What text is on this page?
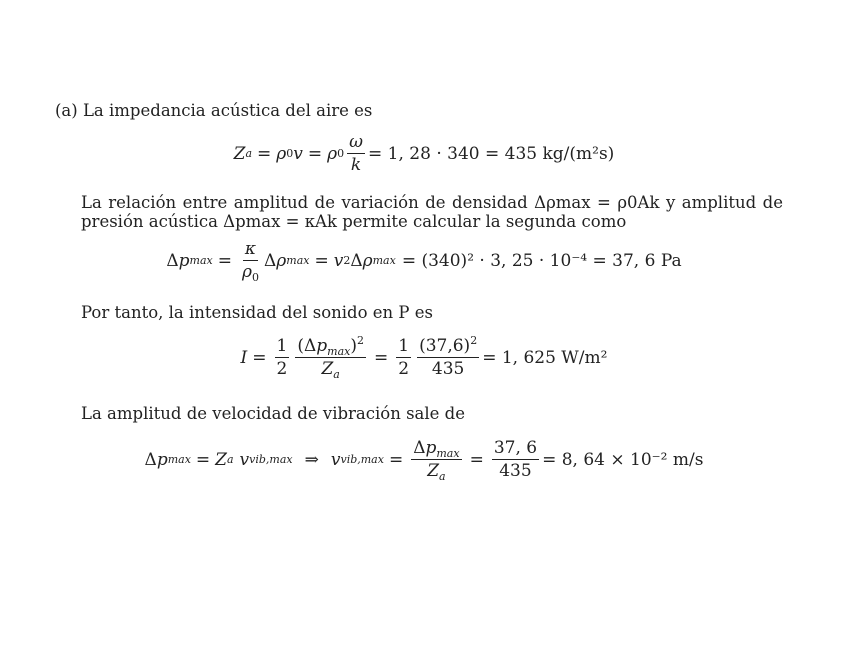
(a) La impedancia acústica del aire es
Z a = ρ 0 v = ρ $0 \frac{\omega}{k} = 1$, 28 · 340 = 435 kg/(m²s)
La relación entre amplitud de variación de densidad Δρmax = ρ0Ak y amplitud de presión acústica Δpmax = κAk permite calcular la segunda como
Δ p $\max = \frac{\kappa}{\rho_0}$ Δ ρ max = v 2 Δ ρ max = (340)² · 3, 25 · 10⁻⁴ = 37, 6 Pa
Por tanto, la intensidad del sonido en P es
$I = \frac{1}{2} \frac{(\Delta p_{max})^2}{Z_a} = \frac{1}{2} \frac{(37,6)^2}{435} = 1$, 625 W/m²
La amplitud de velocidad de vibración sale de
Δ p max = Z a v vib,max ⇒ v $vib,\max = \frac{\Delta p_{max}}{Z_a} = \frac{37, 6}{435} = 8$, 64 × 10⁻² m/s
